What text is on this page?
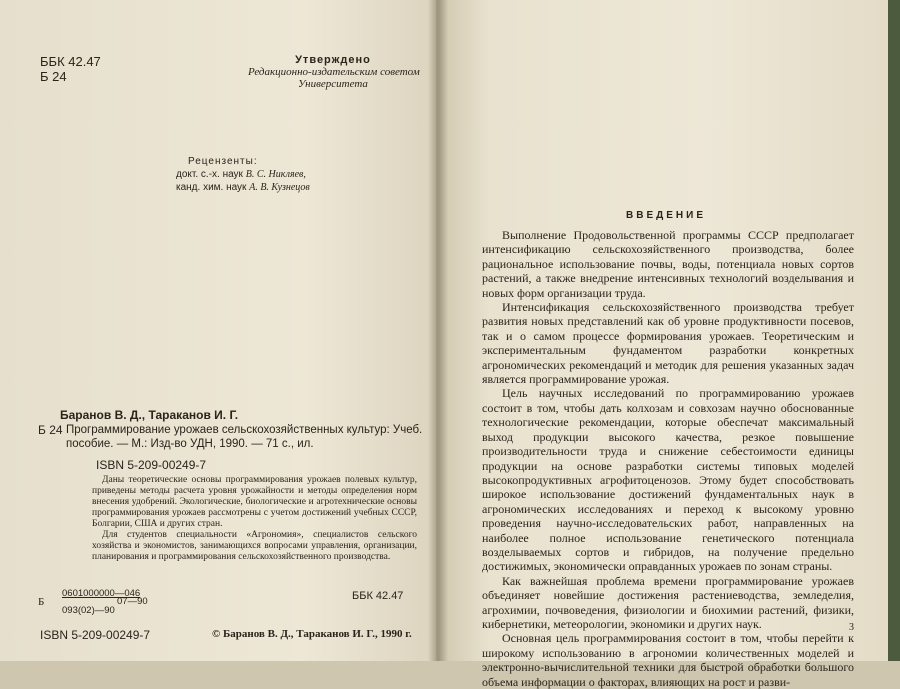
ББК 42.47
Б 24
Утверждено
Редакционно-издательским советом
Университета
Рецензенты:
докт. с.-х. наук В. С. Никляев,
канд. хим. наук А. В. Кузнецов
Баранов В. Д., Тараканов И. Г.
Б 24 Программирование урожаев сельскохозяйственных культур: Учеб. пособие. — М.: Изд-во УДН, 1990. — 71 с., ил.
ISBN 5-209-00249-7

Даны теоретические основы программирования урожаев полевых культур, приведены методы расчета уровня урожайности и методы определения норм внесения удобрений. Экологические, биологические и агротехнические основы программирования урожаев рассмотрены с учетом достижений учебных СССР, Болгарии, США и других стран.

Для студентов специальности «Агрономия», специалистов сельского хозяйства и экономистов, занимающихся вопросами управления, организации, планирования и программирования сельскохозяйственного производства.

Б
0601000000—046
07—90
093(02)—90
ББК 42.47
ISBN 5-209-00249-7	© Баранов В. Д., Тараканов И. Г., 1990 г.
ВВЕДЕНИЕ

Выполнение Продовольственной программы СССР предполагает интенсификацию сельскохозяйственного производства, более рациональное использование почвы, воды, потенциала новых сортов растений, а также внедрение интенсивных технологий возделывания и новых форм организации труда.

Интенсификация сельскохозяйственного производства требует развития новых представлений как об уровне продуктивности посевов, так и о самом процессе формирования урожаев. Теоретическим и экспериментальным фундаментом разработки конкретных агрономических рекомендаций и методик для решения указанных задач является программирование урожая.

Цель научных исследований по программированию урожаев состоит в том, чтобы дать колхозам и совхозам научно обоснованные технологические рекомендации, которые обеспечат максимальный выход продукции высокого качества, резкое повышение производительности труда и снижение себестоимости единицы продукции на основе разработки системы типовых моделей высокопродуктивных агрофитоценозов. Этому будет способствовать широкое использование достижений фундаментальных наук в агрономических исследованиях и переход к высокому уровню проведения научно-исследовательских работ, направленных на наиболее полное использование генетического потенциала возделываемых сортов и гибридов, на получение предельно достижимых, экономически оправданных урожаев по зонам страны.

Как важнейшая проблема времени программирование урожаев объединяет новейшие достижения растениеводства, земледелия, агрохимии, почвоведения, физиологии и биохимии растений, физики, кибернетики, метеорологии, экономики и других наук.

Основная цель программирования состоит в том, чтобы перейти к широкому использованию в агрономии количественных моделей и электронно-вычислительной техники для быстрой обработки большого объема информации о факторах, влияющих на рост и разви-

3
